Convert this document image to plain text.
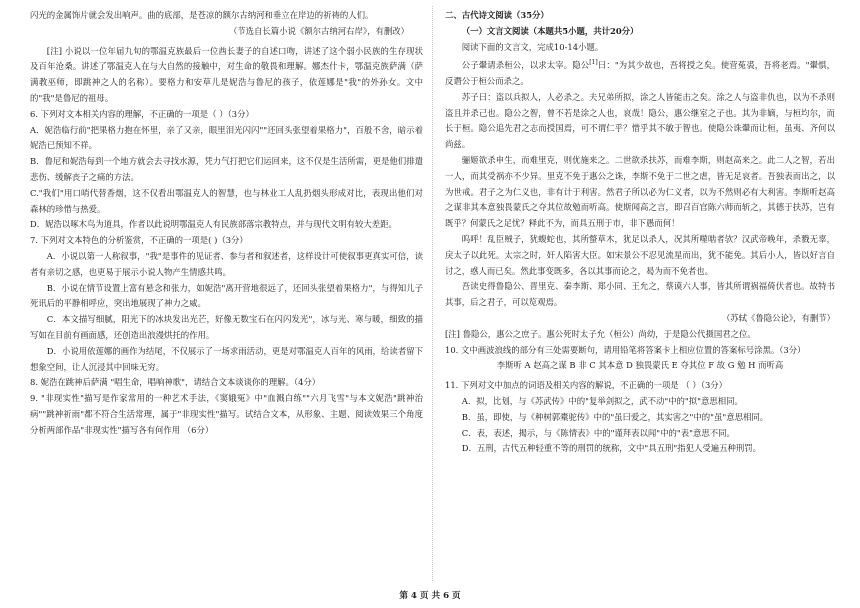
闪光的金属饰片就会发出响声。曲的底部，是苍凉的额尔古纳河和垂立在岸边的祈祷的人们。

（节选自长篇小说《额尔古纳河右岸》，有删改）

[注] 小说以一位年届九旬的鄂温克族最后一位酋长妻子的自述口吻，讲述了这个弱小民族的生存现状及百年沧桑。讲述了鄂温克人在与大自然的接触中，对生命的敬畏和理解。娜杰什卡，鄂温克族萨满（萨满教巫师，即跳神之人的名称）。要格力和安草儿是妮浩与鲁尼的孩子，依莲娜是"我"的外孙女。文中的"我"是鲁尼的祖母。

6. 下列对文本相关内容的理解，不正确的一项是（ ）（3分）

A．妮浩临行前"把果格力抱在怀里，亲了又亲，眼里泪光闪闪""还回头张望着果格力"，百般不舍，暗示着妮浩已预知不祥。

B．鲁尼和妮浩每到一个地方就会去寻找水源，凭力气打把它们运回来，这不仅是生活所需，更是他们排遣悲伤、缓解丧子之痛的方法。

C."我们"用口哨代替香烟，这不仅看出鄂温克人的智慧，也与林业工人乱扔烟头形成对比，表现出他们对森林的珍惜与热爱。

D．妮浩以啄木鸟为道具，作者以此说明鄂温克人有民族部落宗教特点，并与现代文明有较大差距。

7. 下列对文本特色的分析鉴赏，不正确的一项是( )（3分）

A．小说以第一人称叙事，"我"是事件的见证者、参与者和叙述者，这样设计可使叙事更真实可信，读者有亲切之感，也更易于展示小说人物产生情感共鸣。

B．小说在情节设置上富有悬念和张力，如妮浩"离开营地很远了，还回头张望着果格力"，与得知儿子死讯后的平静相呼应，突出地展现了神力之威。

C．本文描写细腻，阳光下的冰块发出光芒，好像无数宝石在闪闪发光"，冰与光、寒与暖，细致的描写如在目前有画面感，还创造出浪漫烘托的作用。

D．小说用依莲娜的画作为结尾，不仅展示了一场求雨活动，更是对鄂温克人百年的风雨，给读者留下想象空间，让人沉浸其中回味无穷。

8. 妮浩在跳神后萨满 "唱生命，唱响神歌"，请结合文本谈谈你的理解。（4分）

9. "非现实性"描写是作家常用的一种艺术手法，《窦娥冤》中"血溅白练""六月飞雪"与本文妮浩"跳神治病""跳神祈雨"都不符合生活常理，属于"非现实性"描写。试结合文本，从形象、主题、阅读效果三个角度分析两部作品"非现实性"描写各有何作用 （6分）

二、古代诗文阅读（35分）

（一）文言文阅读（本题共5小题，共计20分）

阅读下面的文言文，完成10-14小题。

公子翬请杀桓公，以求太宰。隐公[1]曰："为其少故也，吾将授之矣。使营菟裘，吾将老焉。"翬惧，反谮公于桓公而杀之。

苏子曰：盗以兵拟人，人必杀之。夫兄弟所拟，涂之人皆能击之矣。涂之人与盗非仇也，以为不杀则盗且并杀己也。隐公之智，曾不若是涂之人也，哀哉！隐公，惠公继室之子也。其为非嫡，与桓均尔，而长于桓。隐公追先君之志而授国焉，可不谓仁乎？惜乎其不敏于智也。使隐公诛翬而让桓，虽夷、齐何以尚兹。

骊姬欲杀申生，而难里克，则优施来之。二世欲杀扶苏，而难李斯，则赵高来之。此二人之智，若出一人，而其受祸亦不少异。里克不免于惠公之诛，李斯不免于二世之虐，皆无足哀者。吾独表而出之，以为世戒。君子之为仁义也，非有计于利害。然君子所以必为仁义者，以为不然则必有大利害。李斯听赵高之谋非其本意独畏蒙氏之夺其位故勉而听高。使斯闻高之言，即召百官陈六师而斩之，其德于扶苏，岂有既乎？何蒙氏之足忧？释此不为，而具五刑于市，非下愚而何！

呜呼！乱臣贼子，犹蝮蛇也，其所螫草木，犹足以杀人，况其所噬啮者欤？汉武帝晚年，杀戮无辜，戾太子以此死。太宗之时，奸人陷害大臣。如宋景公不忍见流星而出，犹不能免。其后小人，皆以好言自讨之，惑人而已矣。然此事变既多，各以其事而论之，曷为而不免者也。

吾读史得鲁隐公、晋里克、秦李斯、郑小同、王允之，蔡谟六人事，皆其所谓祸福倚伏者也。故特书其事，后之君子，可以览观焉。

（苏轼《鲁隐公论》，有删节）

[注] 鲁隐公，惠公之庶子。惠公死时太子允（桓公）尚幼，于是隐公代摄国君之位。

10. 文中画波浪线的部分有三处需要断句，请用铅笔将答案卡上相应位置的答案标号涂黑。（3分）

李斯听 A 赵高之谋 B 非 C 其本意 D 独畏蒙氏 E 夺其位 F 故 G 勉 H 而听高

11. 下列对文中加点的词语及相关内容的解说，不正确的一项是 （ ）（3分）

A．拟，比划，与《苏武传》中的"复举剑拟之，武不动"中的"拟"意思相同。

B．虽，即使，与《种树郭橐驼传》中的"虽曰爱之，其实害之"中的"虽"意思相同。

C．表，表述，揭示，与《陈情表》中的"谨拜表以闻"中的"表"意思不同。

D．五刑，古代五种轻重不等的刑罚的统称，文中"具五刑"指犯人受遍五种刑罚。

第 4 页 共 6 页
